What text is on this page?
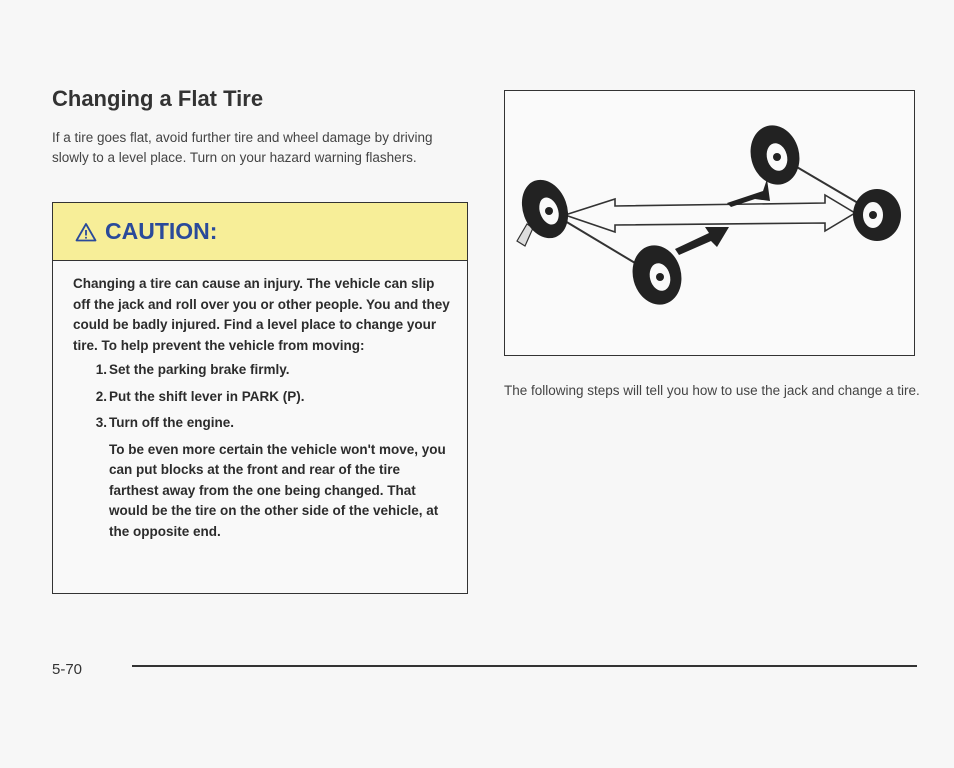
Changing a Flat Tire

If a tire goes flat, avoid further tire and wheel damage by driving slowly to a level place. Turn on your hazard warning flashers.

CAUTION:

Changing a tire can cause an injury. The vehicle can slip off the jack and roll over you or other people. You and they could be badly injured. Find a level place to change your tire. To help prevent the vehicle from moving:

1. Set the parking brake firmly.
2. Put the shift lever in PARK (P).
3. Turn off the engine.

To be even more certain the vehicle won't move, you can put blocks at the front and rear of the tire farthest away from the one being changed. That would be the tire on the other side of the vehicle, at the opposite end.

The following steps will tell you how to use the jack and change a tire.

5-70
